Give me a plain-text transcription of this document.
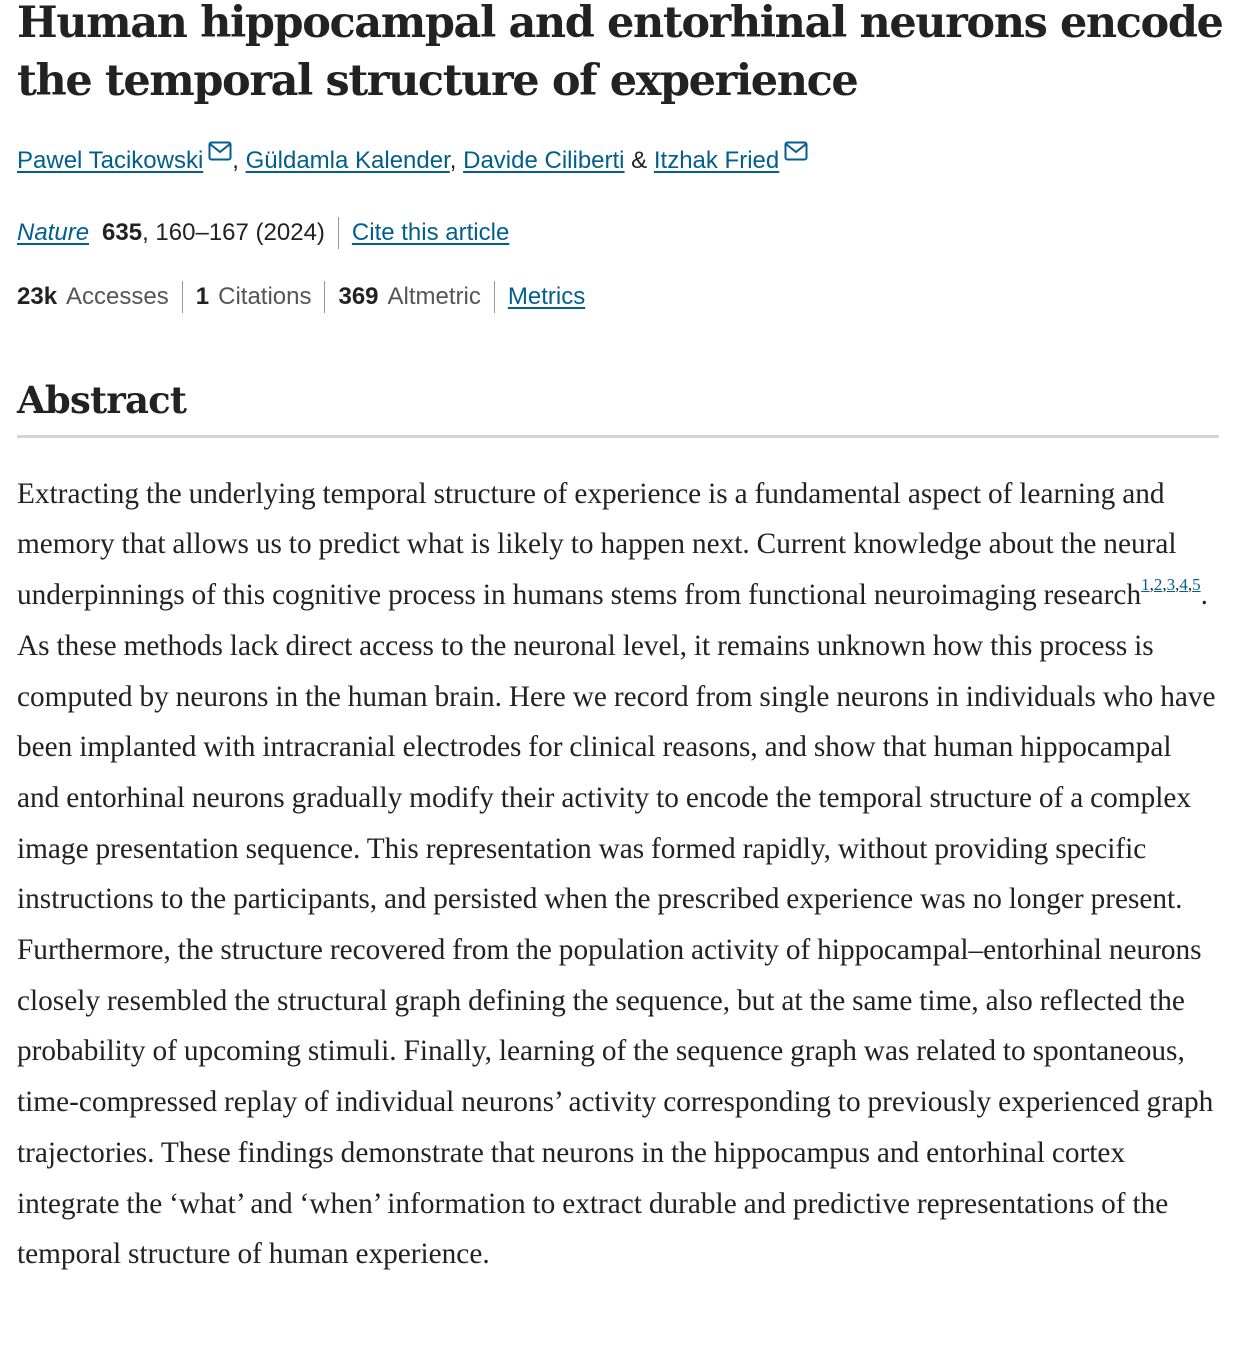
Human hippocampal and entorhinal neurons encode the temporal structure of experience
Pawel Tacikowski , Güldamla Kalender, Davide Ciliberti & Itzhak Fried
Nature 635 , 160–167 (2024) Cite this article
23k Accesses 1 Citations 369 Altmetric Metrics
Abstract

Extracting the underlying temporal structure of experience is a fundamental aspect of learning and memory that allows us to predict what is likely to happen next. Current knowledge about the neural underpinnings of this cognitive process in humans stems from functional neuroimaging research$^{1,2,3,4,5}$. As these methods lack direct access to the neuronal level, it remains unknown how this process is computed by neurons in the human brain. Here we record from single neurons in individuals who have been implanted with intracranial electrodes for clinical reasons, and show that human hippocampal and entorhinal neurons gradually modify their activity to encode the temporal structure of a complex image presentation sequence. This representation was formed rapidly, without providing specific instructions to the participants, and persisted when the prescribed experience was no longer present. Furthermore, the structure recovered from the population activity of hippocampal–entorhinal neurons closely resembled the structural graph defining the sequence, but at the same time, also reflected the probability of upcoming stimuli. Finally, learning of the sequence graph was related to spontaneous, time-compressed replay of individual neurons’ activity corresponding to previously experienced graph trajectories. These findings demonstrate that neurons in the hippocampus and entorhinal cortex integrate the ‘what’ and ‘when’ information to extract durable and predictive representations of the temporal structure of human experience.
